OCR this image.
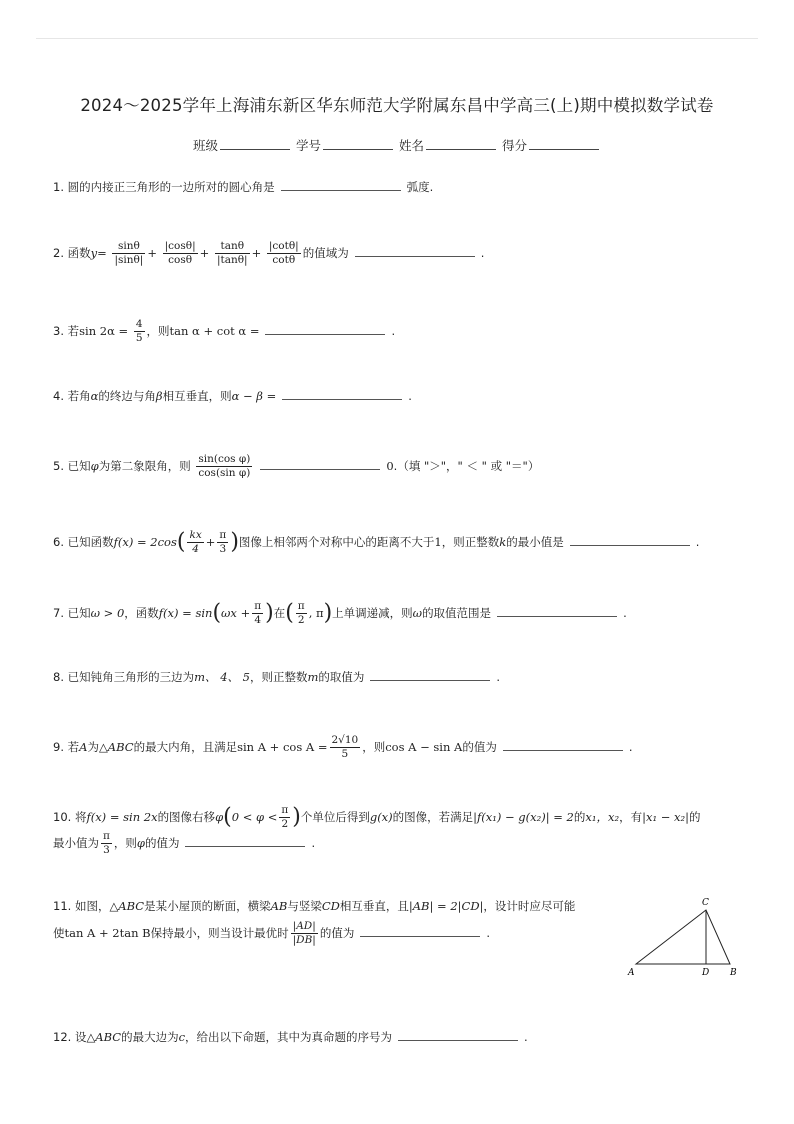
2024～2025学年上海浦东新区华东师范大学附属东昌中学高三(上)期中模拟数学试卷
班级	学号	姓名	得分
1. 圆的内接正三角形的一边所对的圆心角是	弧度.
2. 函数$y= \frac{\sin\theta}{|\sin\theta|} + \frac{|\cos\theta|}{\cos\theta} + \frac{\tan\theta}{|\tan\theta|} + \frac{|\cot\theta|}{\cot\theta}$ 的值域为	.
3. 若$\sin 2\alpha = \frac{4}{5}$ ，则tan α + cot α =	.
4. 若角α的终边与角β相互垂直，则α − β =	.
5. 已知φ为第二象限角，则 $\frac{\text{sin(cos φ)}}{\text{cos(sin φ)}}$	0.（填 "＞"，" ＜ " 或 "＝"）
6. 已知函数$f(x) = 2\cos( \frac{kx}{4} + \frac{\pi}{3}$ )图像上相邻两个对称中心的距离不大于1，则正整数k的最小值是	.
7. 已知ω > 0，函数$f(x) = \sin(\omega x + \frac{\pi}{4}$ )在( $\frac{\pi}{2}$ , π)上单调递减，则ω的取值范围是	.
8. 已知钝角三角形的三边为m、 4、 5，则正整数m的取值为	.
9. 若A为△ABC的最大内角，且满足$\sin A + \cos A = \frac{2√10}{5}$ ，则cos A − sin A的值为	.
10. 将f(x) = sin 2x的图像右移$\varphi(0 < \varphi < \frac{\pi}{2}$ )个单位后得到g(x)的图像，若满足|f(x₁) − g(x₂)| = 2的x₁，x₂，有|x₁ − x₂|的
最小值为 $\frac{\pi}{3}$ ，则φ的值为	.
11. 如图，△ABC是某小屋顶的断面，横梁AB与竖梁CD相互垂直，且|AB| = 2|CD|，设计时应尽可能
使tan A + 2tan B保持最小，则当设计最优时 $\frac{|AD|}{|DB|}$ 的值为	.
A	D B
C
12. 设△ABC的最大边为c，给出以下命题，其中为真命题的序号为	.
